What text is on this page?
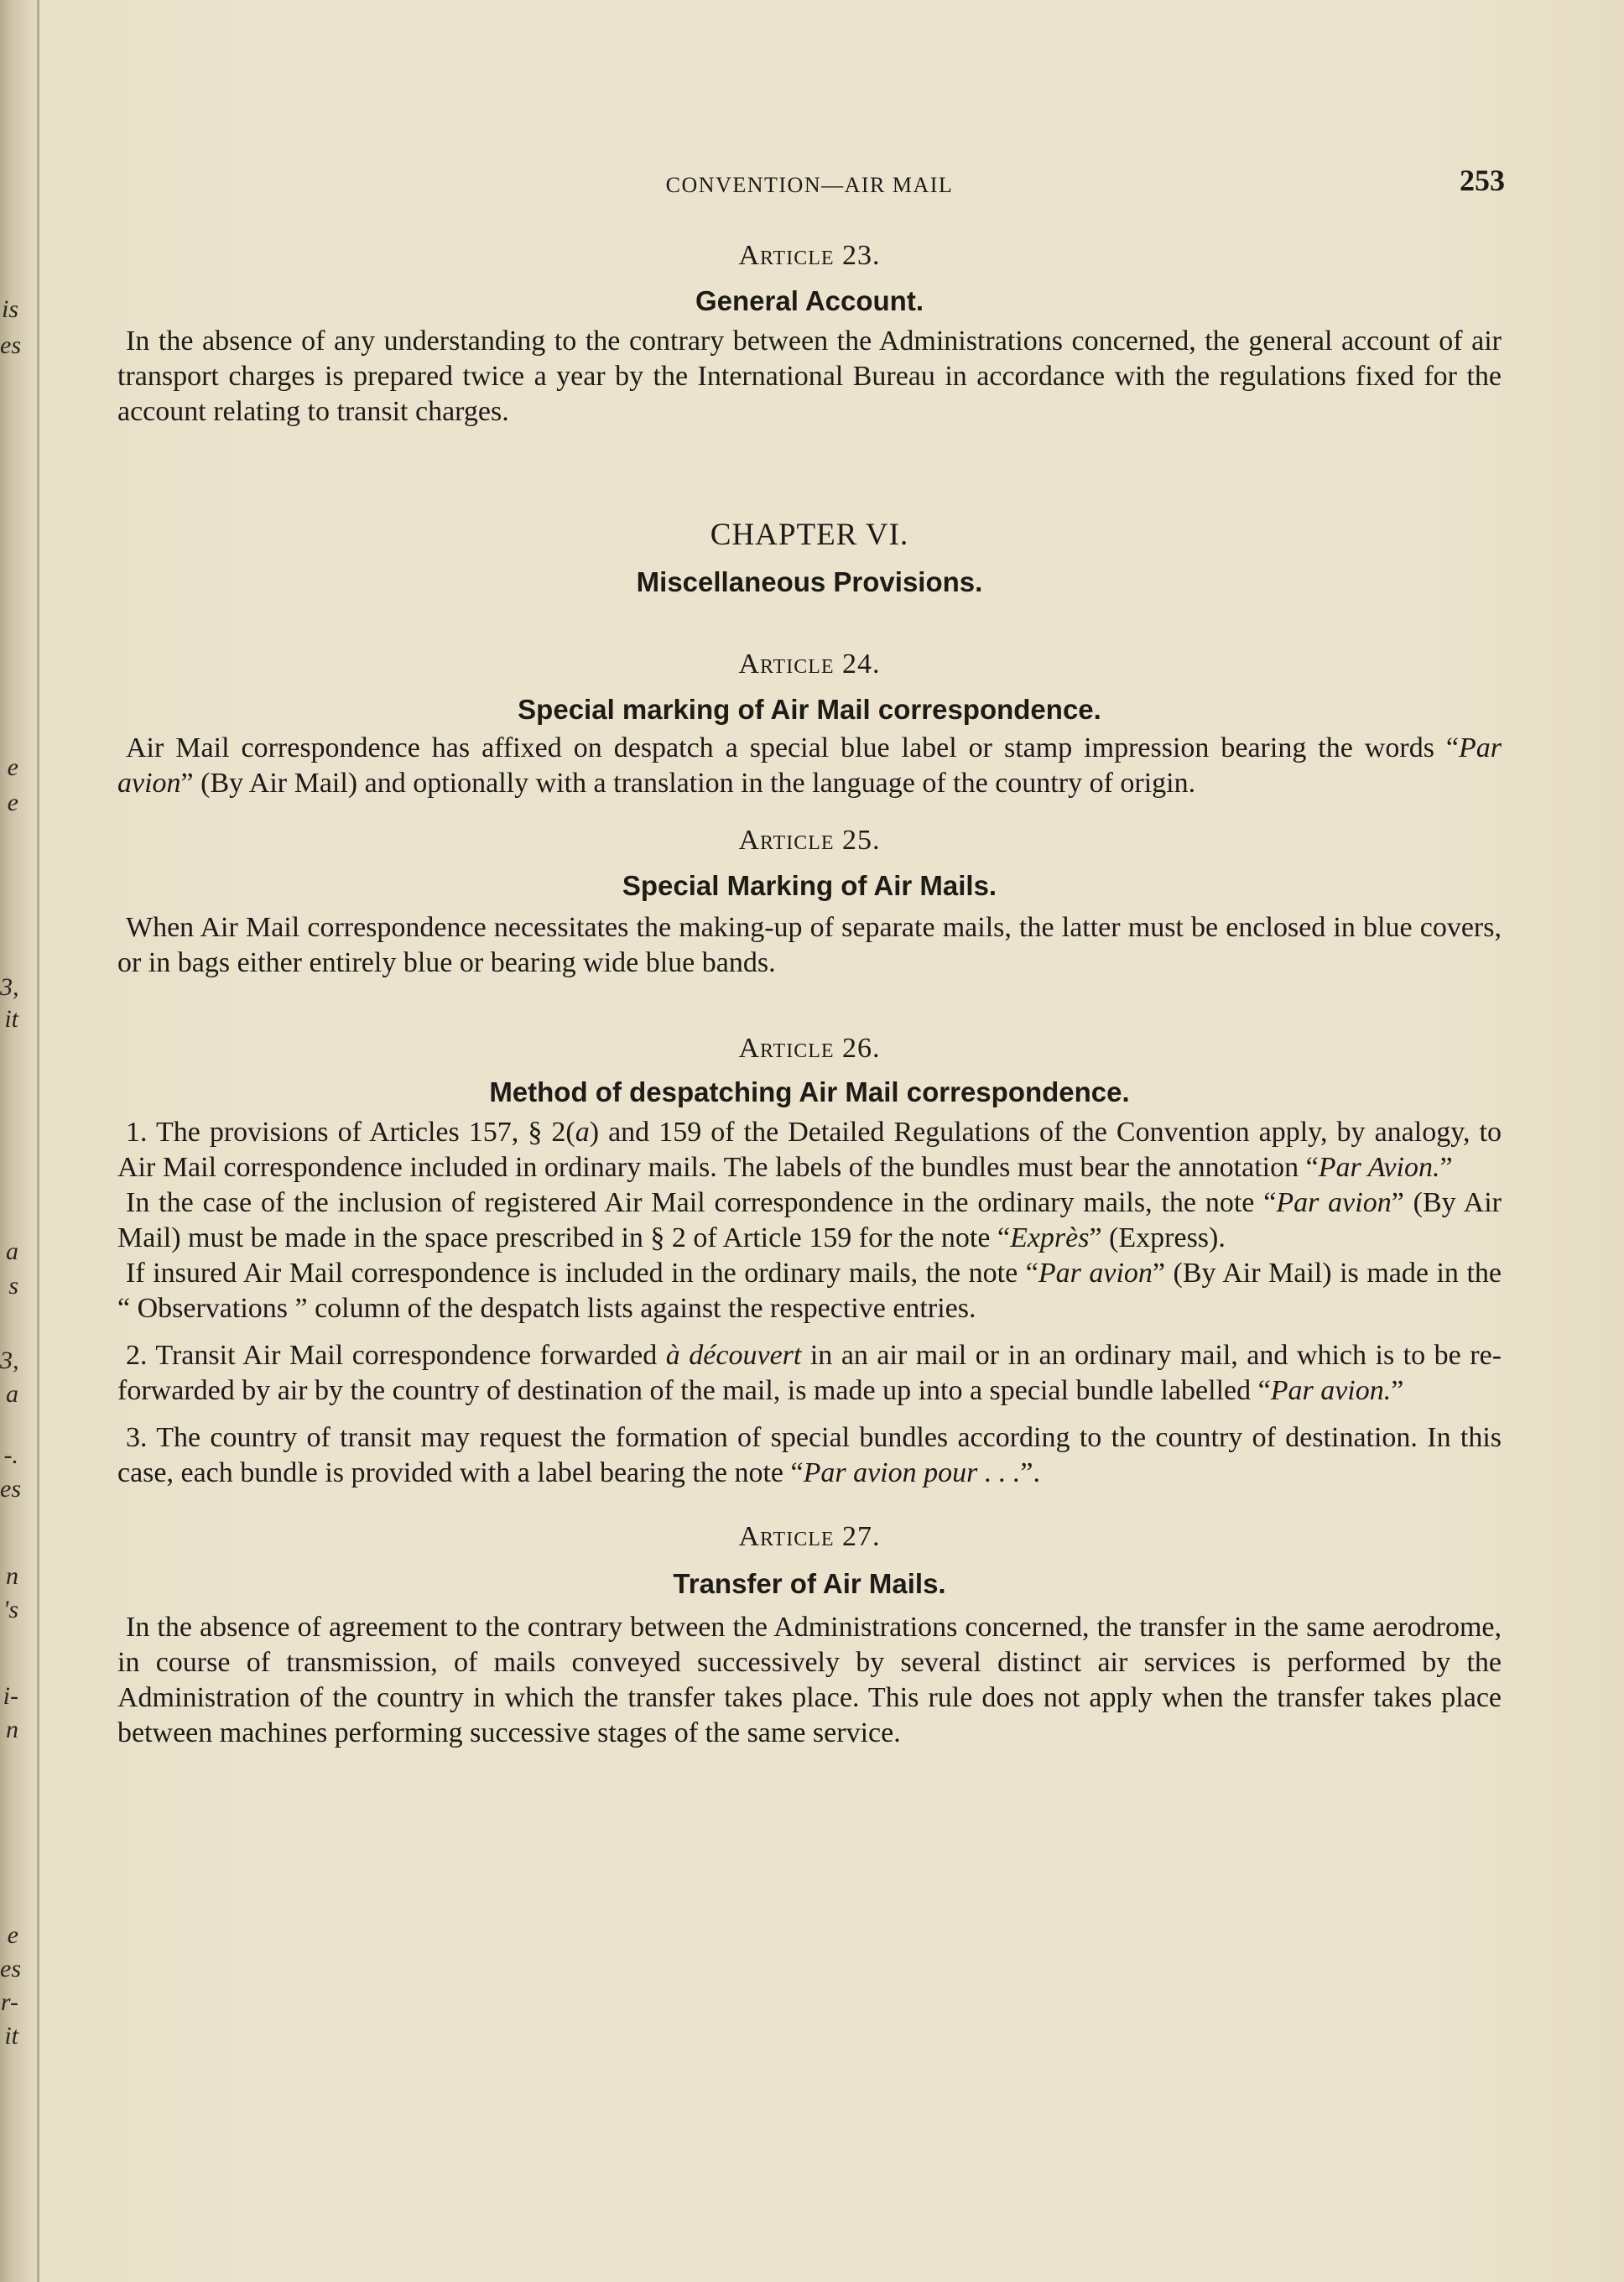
is
es
e
e
3,
it
a
s
3,
a
-.
es
n
's
i-
n
e
es
r-
it
CONVENTION—AIR MAIL	253

Article 23.

General Account.

In the absence of any understanding to the contrary between the Administrations concerned, the general account of air transport charges is prepared twice a year by the International Bureau in accordance with the regulations fixed for the account relating to transit charges.

CHAPTER VI.

Miscellaneous Provisions.

Article 24.

Special marking of Air Mail correspondence.

Air Mail correspondence has affixed on despatch a special blue label or stamp impression bearing the words “Par avion” (By Air Mail) and optionally with a translation in the language of the country of origin.

Article 25.

Special Marking of Air Mails.

When Air Mail correspondence necessitates the making-up of separate mails, the latter must be enclosed in blue covers, or in bags either entirely blue or bearing wide blue bands.

Article 26.

Method of despatching Air Mail correspondence.

1. The provisions of Articles 157, § 2(a) and 159 of the Detailed Regulations of the Convention apply, by analogy, to Air Mail correspondence included in ordinary mails. The labels of the bundles must bear the annotation “Par Avion.”

In the case of the inclusion of registered Air Mail correspondence in the ordinary mails, the note “Par avion” (By Air Mail) must be made in the space prescribed in § 2 of Article 159 for the note “Exprès” (Express).

If insured Air Mail correspondence is included in the ordinary mails, the note “Par avion” (By Air Mail) is made in the “ Observations ” column of the despatch lists against the respective entries.

2. Transit Air Mail correspondence forwarded à découvert in an air mail or in an ordinary mail, and which is to be re-forwarded by air by the country of destination of the mail, is made up into a special bundle labelled “Par avion.”

3. The country of transit may request the formation of special bundles according to the country of destination. In this case, each bundle is provided with a label bearing the note “Par avion pour . . .”.

Article 27.

Transfer of Air Mails.

In the absence of agreement to the contrary between the Administrations concerned, the transfer in the same aerodrome, in course of transmission, of mails conveyed successively by several distinct air services is performed by the Administration of the country in which the transfer takes place. This rule does not apply when the transfer takes place between machines performing successive stages of the same service.
